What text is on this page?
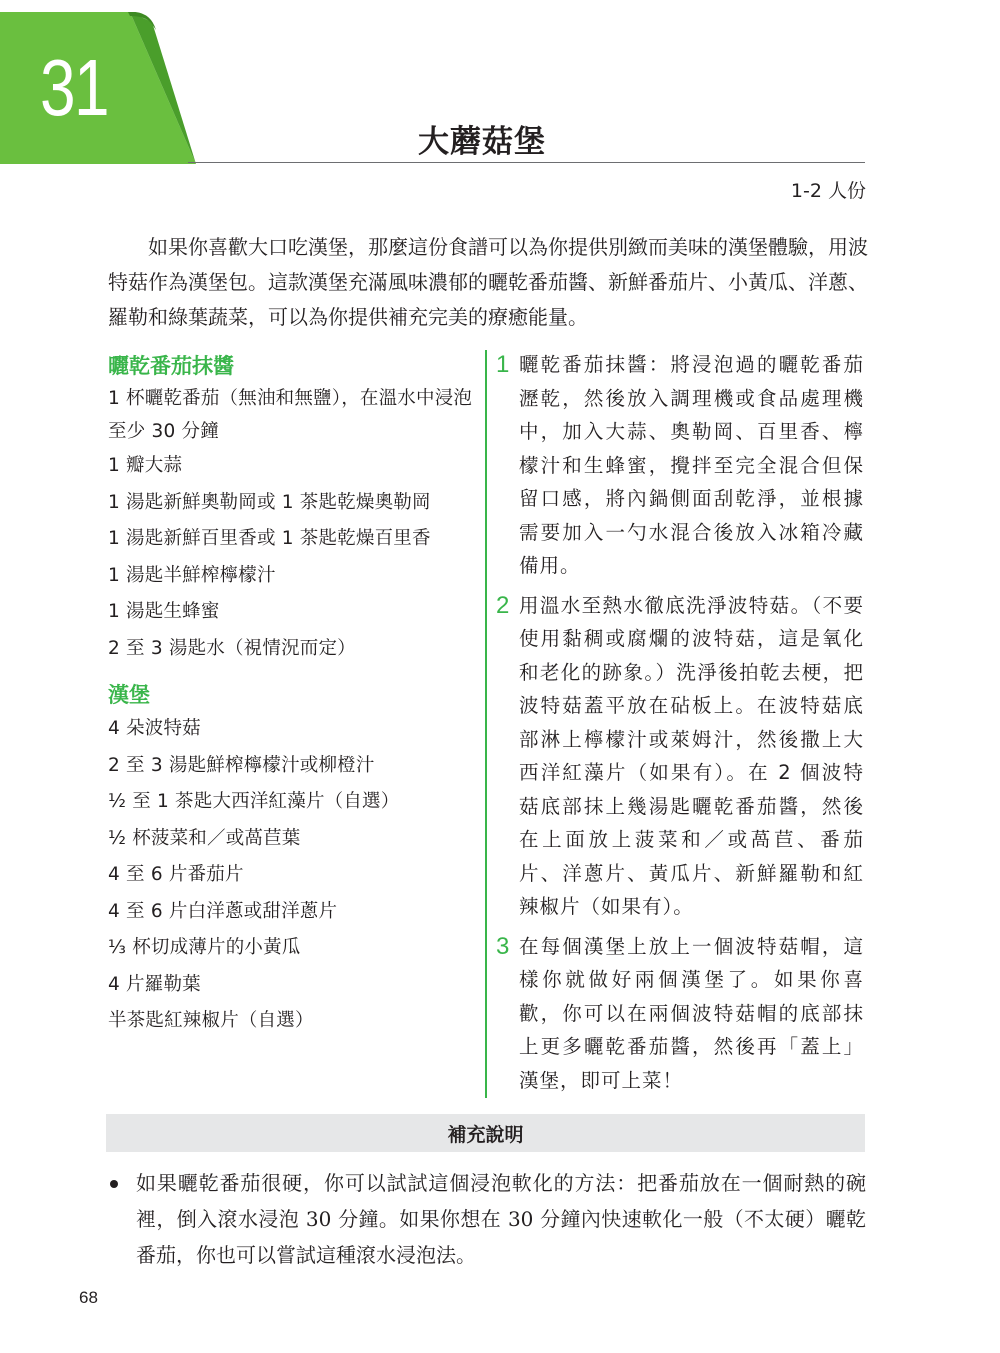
31
大蘑菇堡
1-2 人份

如果你喜歡大口吃漢堡，那麼這份食譜可以為你提供別緻而美味的漢堡體驗，用波特菇作為漢堡包。這款漢堡充滿風味濃郁的曬乾番茄醬、新鮮番茄片、小黃瓜、洋蔥、羅勒和綠葉蔬菜，可以為你提供補充完美的療癒能量。

曬乾番茄抹醬
1 杯曬乾番茄（無油和無鹽），在溫水中浸泡至少 30 分鐘
1 瓣大蒜
1 湯匙新鮮奧勒岡或 1 茶匙乾燥奧勒岡
1 湯匙新鮮百里香或 1 茶匙乾燥百里香
1 湯匙半鮮榨檸檬汁
1 湯匙生蜂蜜
2 至 3 湯匙水（視情況而定）
漢堡
4 朵波特菇
2 至 3 湯匙鮮榨檸檬汁或柳橙汁
½ 至 1 茶匙大西洋紅藻片（自選）
½ 杯菠菜和／或萵苣葉
4 至 6 片番茄片
4 至 6 片白洋蔥或甜洋蔥片
⅓ 杯切成薄片的小黃瓜
4 片羅勒葉
半茶匙紅辣椒片（自選）
1 曬乾番茄抹醬：將浸泡過的曬乾番茄瀝乾，然後放入調理機或食品處理機中，加入大蒜、奧勒岡、百里香、檸檬汁和生蜂蜜，攪拌至完全混合但保留口感，將內鍋側面刮乾淨，並根據需要加入一勺水混合後放入冰箱冷藏備用。
2 用溫水至熱水徹底洗淨波特菇。（不要使用黏稠或腐爛的波特菇，這是氧化和老化的跡象。）洗淨後拍乾去梗，把波特菇蓋平放在砧板上。在波特菇底部淋上檸檬汁或萊姆汁，然後撒上大西洋紅藻片（如果有）。在 2 個波特菇底部抹上幾湯匙曬乾番茄醬，然後在上面放上菠菜和／或萵苣、番茄片、洋蔥片、黃瓜片、新鮮羅勒和紅辣椒片（如果有）。
3 在每個漢堡上放上一個波特菇帽，這樣你就做好兩個漢堡了。如果你喜歡，你可以在兩個波特菇帽的底部抹上更多曬乾番茄醬，然後再「蓋上」漢堡，即可上菜！
補充說明
如果曬乾番茄很硬，你可以試試這個浸泡軟化的方法：把番茄放在一個耐熱的碗裡，倒入滾水浸泡 30 分鐘。如果你想在 30 分鐘內快速軟化一般（不太硬）曬乾番茄，你也可以嘗試這種滾水浸泡法。
68
